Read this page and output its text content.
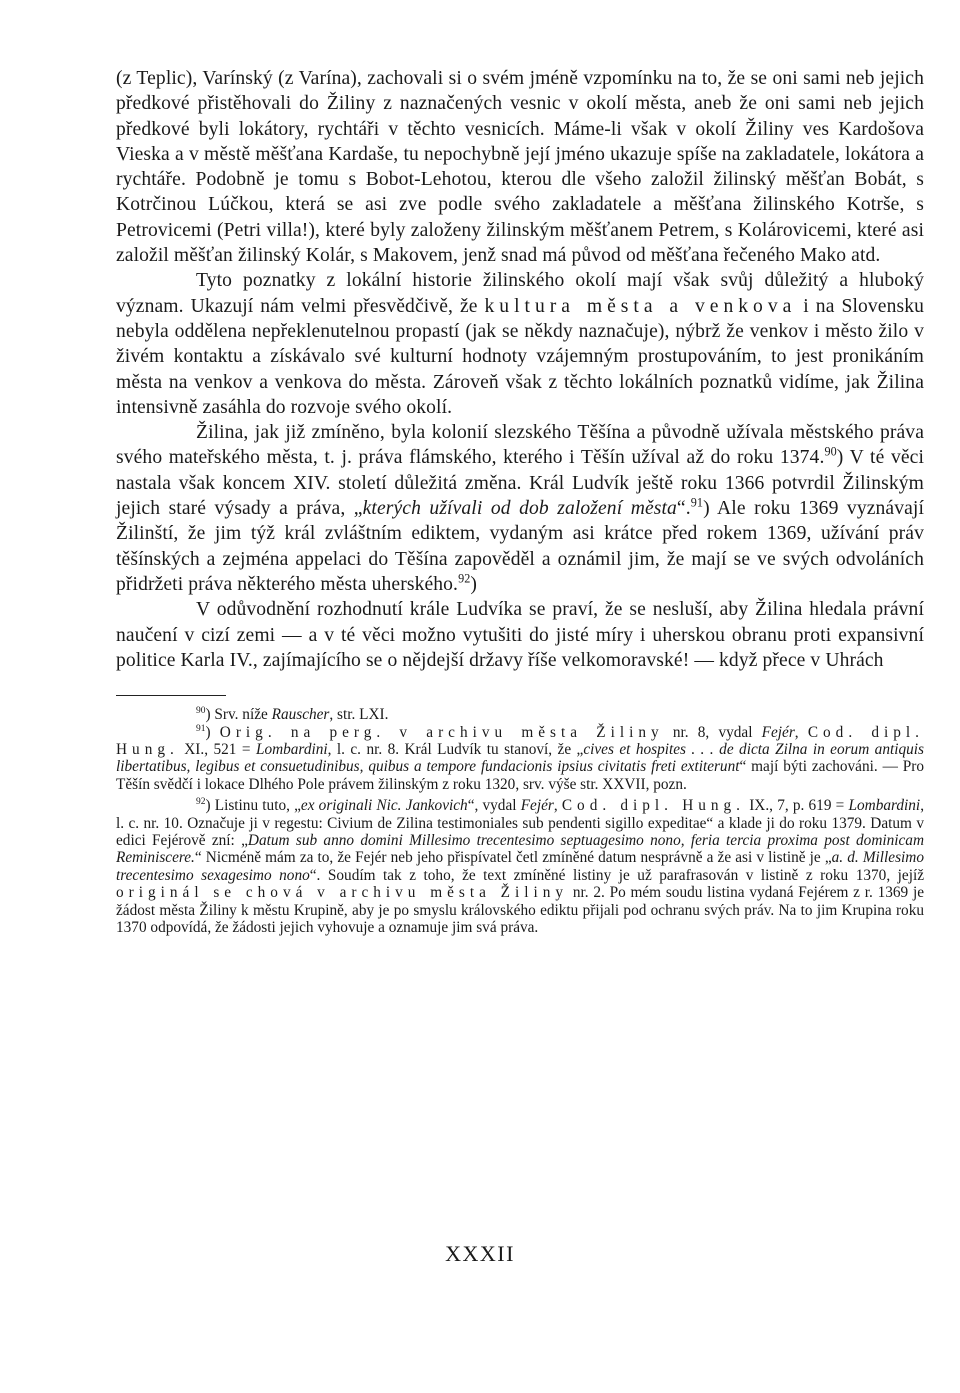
(z Teplic), Varínský (z Varína), zachovali si o svém jméně vzpomínku na to, že se oni sami neb jejich předkové přistěhovali do Žiliny z naznačených vesnic v okolí města, aneb že oni sami neb jejich předkové byli lokátory, rychtáři v těchto vesnicích. Máme-li však v okolí Žiliny ves Kardošova Vieska a v městě měšťana Kardaše, tu nepochybně její jméno ukazuje spíše na zakladatele, lokátora a rychtáře. Podobně je tomu s Bobot-Lehotou, kterou dle všeho založil žilinský měšťan Bobát, s Kotrčinou Lúčkou, která se asi zve podle svého zakladatele a měšťana žilinského Kotrše, s Petrovicemi (Petri villa!), které byly založeny žilinským měšťanem Petrem, s Kolárovicemi, které asi založil měšťan žilinský Kolár, s Makovem, jenž snad má původ od měšťana řečeného Mako atd.

Tyto poznatky z lokální historie žilinského okolí mají však svůj důležitý a hluboký význam. Ukazují nám velmi přesvědčivě, že kultura města a venkova i na Slovensku nebyla oddělena nepřeklenutelnou propastí (jak se někdy naznačuje), nýbrž že venkov i město žilo v živém kontaktu a získávalo své kulturní hodnoty vzájemným prostupováním, to jest pronikáním města na venkov a venkova do města. Zároveň však z těchto lokálních poznatků vidíme, jak Žilina intensivně zasáhla do rozvoje svého okolí.

Žilina, jak již zmíněno, byla kolonií slezského Těšína a původně užívala městského práva svého mateřského města, t. j. práva flámského, kterého i Těšín užíval až do roku 1374.90) V té věci nastala však koncem XIV. století důležitá změna. Král Ludvík ještě roku 1366 potvrdil Žilinským jejich staré výsady a práva, „kterých užívali od dob založení města“.$^{91}$) Ale roku 1369 vyznávají Žilinští, že jim týž král zvláštním ediktem, vydaným asi krátce před rokem 1369, užívání práv těšínských a zejména appelaci do Těšína zapověděl a oznámil jim, že mají se ve svých odvoláních přidržeti práva některého města uherského.$^{92}$)

V odůvodnění rozhodnutí krále Ludvíka se praví, že se nesluší, aby Žilina hledala právní naučení v cizí zemi — a v té věci možno vytušiti do jisté míry i uherskou obranu proti expansivní politice Karla IV., zajímajícího se o nějdejší državy říše velkomoravské! — když přece v Uhrách

$^{90}$) Srv. níže Rauscher, str. LXI.

$^{91}$) Orig. na perg. v archivu města Žiliny nr. 8, vydal Fejér, Cod. dipl. Hung. XI., 521 = Lombardini, l. c. nr. 8. Král Ludvík tu stanoví, že „cives et hospites . . . de dicta Zilna in eorum antiquis libertatibus, legibus et consuetudinibus, quibus a tempore fundacionis ipsius civitatis freti extiterunt“ mají býti zachováni. — Pro Těšín svědčí i lokace Dlhého Pole právem žilinským z roku 1320, srv. výše str. XXVII, pozn.

$^{92}$) Listinu tuto, „ex originali Nic. Jankovich“, vydal Fejér, Cod. dipl. Hung. IX., 7, p. 619 = Lombardini, l. c. nr. 10. Označuje ji v regestu: Civium de Zilina testimoniales sub pendenti sigillo expeditae“ a klade ji do roku 1379. Datum v edici Fejérově zní: „Datum sub anno domini Millesimo trecentesimo septuagesimo nono, feria tercia proxima post dominicam Reminiscere.“ Nicméně mám za to, že Fejér neb jeho přispívatel četl zmíněné datum nesprávně a že asi v listině je „a. d. Millesimo trecentesimo sexagesimo nono“. Soudím tak z toho, že text zmíněné listiny je už parafrasován v listině z roku 1370, jejíž originál se chová v archivu města Žiliny nr. 2. Po mém soudu listina vydaná Fejérem z r. 1369 je žádost města Žiliny k městu Krupině, aby je po smyslu královského ediktu přijali pod ochranu svých práv. Na to jim Krupina roku 1370 odpovídá, že žádosti jejich vyhovuje a oznamuje jim svá práva.

XXXII
